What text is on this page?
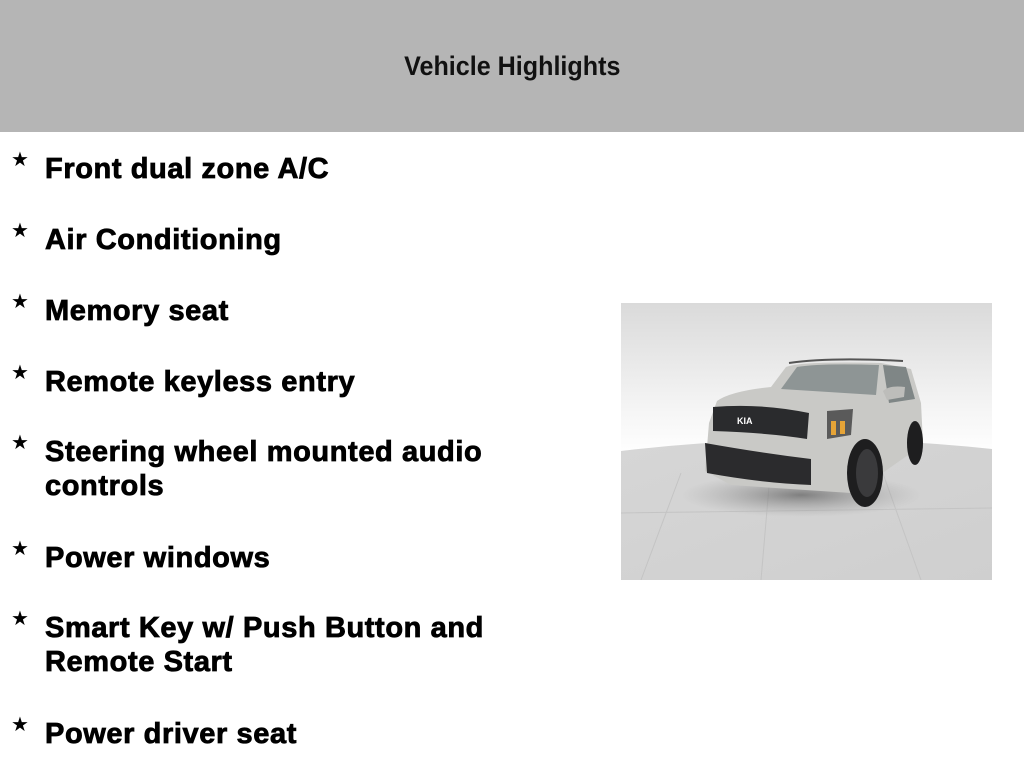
Vehicle Highlights
★ Front dual zone A/C
★ Air Conditioning
★ Memory seat
★ Remote keyless entry
★ Steering wheel mounted audio controls
★ Power windows
★ Smart Key w/ Push Button and Remote Start
★ Power driver seat
KIA
